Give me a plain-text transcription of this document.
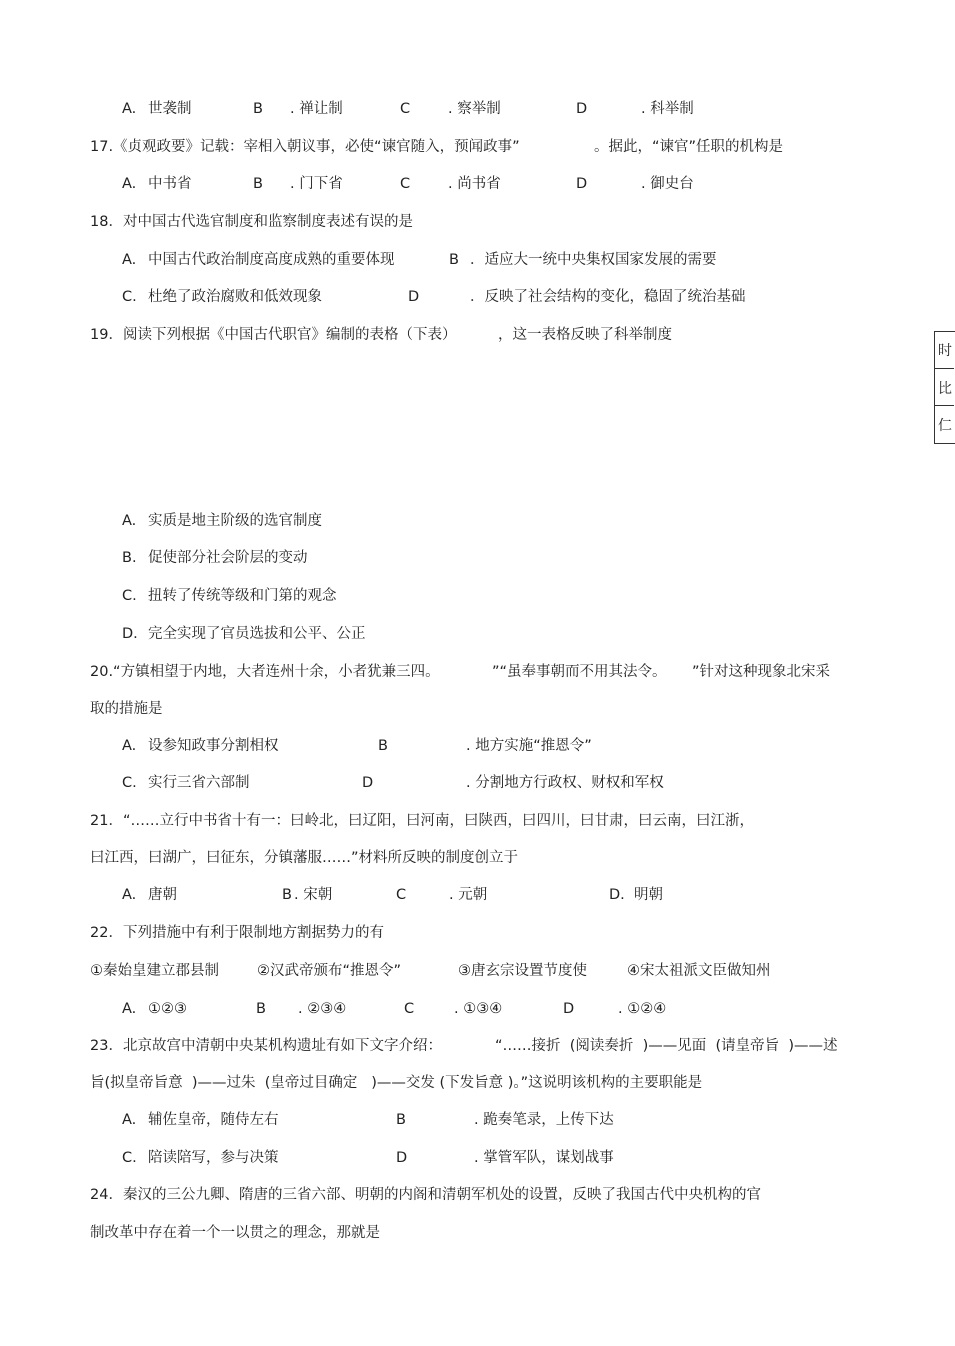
A. 世袭制	B . 禅让制	C	. 察举制	D	. 科举制
17.《贞观政要》记载：宰相入朝议事，必使“谏官随入，预闻政事”	。据此，“谏官”任职的机构是
A. 中书省	B . 门下省	C	. 尚书省	D	. 御史台
18．对中国古代选官制度和监察制度表述有误的是
A. 中国古代政治制度高度成熟的重要体现	B ．适应大一统中央集权国家发展的需要
C. 杜绝了政治腐败和低效现象	D	．反映了社会结构的变化，稳固了统治基础
19．阅读下列根据《中国古代职官》编制的表格（下表）	，这一表格反映了科举制度
A. 实质是地主阶级的选官制度
B. 促使部分社会阶层的变动
C. 扭转了传统等级和门第的观念
D. 完全实现了官员选拔和公平、公正
20.“方镇相望于内地，大者连州十余，小者犹兼三四。	”“虽奉事朝而不用其法令。 ”针对这种现象北宋采
取的措施是
A. 设参知政事分割相权	B	. 地方实施“推恩令”
C. 实行三省六部制	D	. 分割地方行政权、财权和军权
21．“……立行中书省十有一：曰岭北，曰辽阳，曰河南，曰陕西，曰四川，曰甘肃，曰云南，曰江浙，
曰江西，曰湖广，曰征东，分镇藩服……”材料所反映的制度创立于
A. 唐朝	B . 宋朝	C	. 元朝	D. 明朝
22．下列措施中有利于限制地方割据势力的有
①秦始皇建立郡县制	②汉武帝颁布“推恩令”	③唐玄宗设置节度使	④宋太祖派文臣做知州
A. ①②③	B . ②③④	C	. ①③④	D	. ①②④
23．北京故宫中清朝中央某机构遗址有如下文字介绍：	“……接折  (阅读奏折  )——见面  (请皇帝旨  )——述
旨(拟皇帝旨意  )——过朱  (皇帝过目确定   )——交发 (下发旨意 )。”这说明该机构的主要职能是
A. 辅佐皇帝，随侍左右	B	. 跪奏笔录，上传下达
C. 陪读陪写，参与决策	D	. 掌管军队，谋划战事
24．秦汉的三公九卿、隋唐的三省六部、明朝的内阁和清朝军机处的设置，反映了我国古代中央机构的官
制改革中存在着一个一以贯之的理念，那就是
时
比
仁
